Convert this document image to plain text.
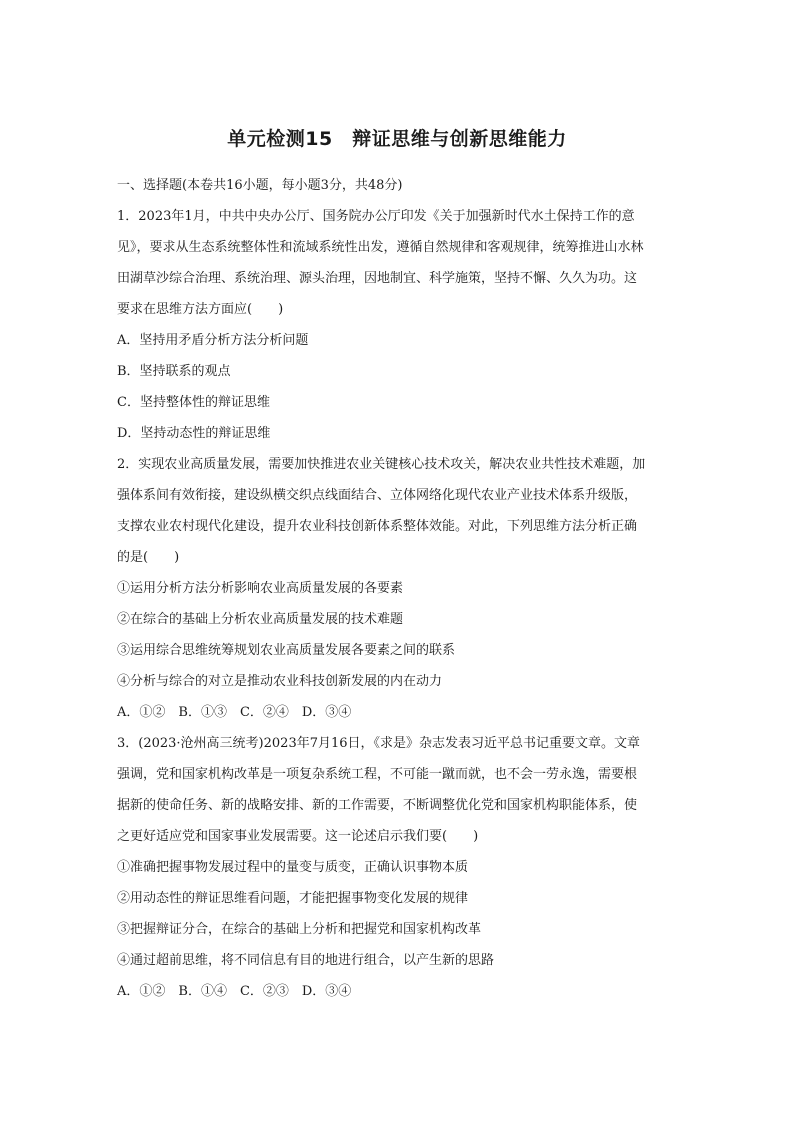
单元检测15　辩证思维与创新思维能力
一、选择题(本卷共16小题，每小题3分，共48分)
1．2023年1月，中共中央办公厅、国务院办公厅印发《关于加强新时代水土保持工作的意
见》，要求从生态系统整体性和流域系统性出发，遵循自然规律和客观规律，统筹推进山水林
田湖草沙综合治理、系统治理、源头治理，因地制宜、科学施策，坚持不懈、久久为功。这
要求在思维方法方面应(　　)
A．坚持用矛盾分析方法分析问题
B．坚持联系的观点
C．坚持整体性的辩证思维
D．坚持动态性的辩证思维
2．实现农业高质量发展，需要加快推进农业关键核心技术攻关，解决农业共性技术难题，加
强体系间有效衔接，建设纵横交织点线面结合、立体网络化现代农业产业技术体系升级版，
支撑农业农村现代化建设，提升农业科技创新体系整体效能。对此，下列思维方法分析正确
的是(　　)
①运用分析方法分析影响农业高质量发展的各要素
②在综合的基础上分析农业高质量发展的技术难题
③运用综合思维统筹规划农业高质量发展各要素之间的联系
④分析与综合的对立是推动农业科技创新发展的内在动力
A．①②　B．①③　C．②④　D．③④
3．(2023·沧州高三统考)2023年7月16日，《求是》杂志发表习近平总书记重要文章。文章
强调，党和国家机构改革是一项复杂系统工程，不可能一蹴而就，也不会一劳永逸，需要根
据新的使命任务、新的战略安排、新的工作需要，不断调整优化党和国家机构职能体系，使
之更好适应党和国家事业发展需要。这一论述启示我们要(　　)
①准确把握事物发展过程中的量变与质变，正确认识事物本质
②用动态性的辩证思维看问题，才能把握事物变化发展的规律
③把握辩证分合，在综合的基础上分析和把握党和国家机构改革
④通过超前思维，将不同信息有目的地进行组合，以产生新的思路
A．①②　B．①④　C．②③　D．③④
